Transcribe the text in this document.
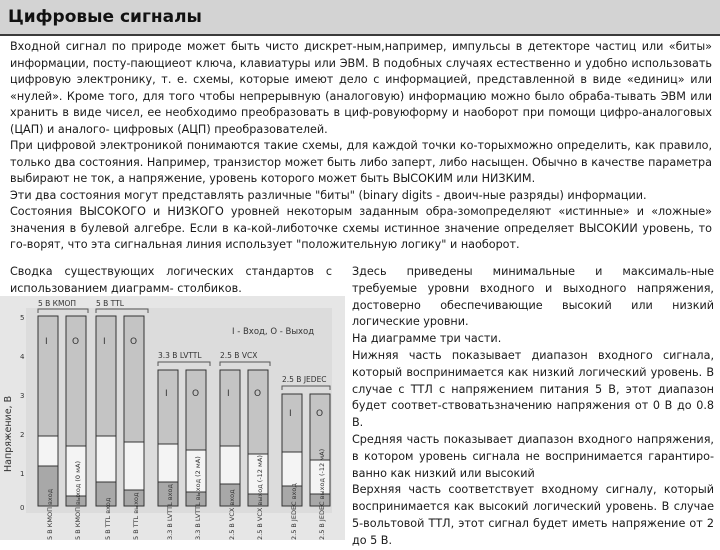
Цифровые сигналы

Входной сигнал по природе может быть чисто дискрет-ным,например, импульсы в детекторе частиц или «биты» информации, посту-пающиеот ключа, клавиатуры или ЭВМ. В подобных случаях естественно и удобно использовать цифровую электронику, т. е. схемы, которые имеют дело с информацией, представленной в виде «единиц» или «нулей». Кроме того, для того чтобы непрерывную (аналоговую) информацию можно было обраба-тывать ЭВМ или хранить в виде чисел, ее необходимо преобразовать в циф-ровуюформу и наоборот при помощи цифро-аналоговых (ЦАП) и аналого- цифровых (АЦП) преобразователей.

При цифровой электроникой понимаются такие схемы, для каждой точки ко-торыхможно определить, как правило, только два состояния. Например, транзистор может быть либо заперт, либо насыщен. Обычно в качестве параметра выбирают не ток, а напряжение, уровень которого может быть ВЫСОКИМ или НИЗКИМ.

Эти два состояния могут представлять различные "биты" (binary digits - двоич-ные разряды) информации.

Состояния ВЫСОКОГО и НИЗКОГО уровней некоторым заданным обра-зомопределяют «истинные» и «ложные» значения в булевой алгебре. Если в ка-кой-либоточке схемы истинное значение определяет ВЫСОКИИ уровень, то го-ворят, что эта сигнальная линия использует "положительную логику" и наоборот.

Сводка существующих логических стандартов с использованием диаграмм- столбиков.

Здесь приведены минимальные и максималь-ные требуемые уровни входного и выходного напряжения, достоверно обеспечивающие высокий или низкий логические уровни.

На диаграмме три части.

Нижняя часть показывает диапазон входного сигнала, который воспринимается как низкий логический уровень. В случае с ТТЛ с напряжением питания 5 В, этот диапазон будет соответ-ствоватьзначению напряжения от 0 В до 0.8 В.

Средняя часть показывает диапазон входного напряжения, в котором уровень сигнала не воспринимается гарантиро-ванно как низкий или высокий

Верхняя часть соответствует входному сигналу, который воспринимается как высокий логический уровень. В случае 5-вольтовой ТТЛ, этот сигнал будет иметь напряжение от 2 до 5 В.

Напряжение, В
5
4
3
2
1
0
I - Вход, O - Выход
5 В КМОП	5 В TTL
3.3 В LVTTL 2.5 В VCX
2.5 В JEDEC
I	O	I	O
I	O	I	O
I	O
5 В КМОП вход	5 В КМОП выход (0 мА)	5 В TTL вход	5 В TTL выход	3.3 В LVTTL вход	3.3 В LVTTL выход (2 мА)	2.5 В VCX вход	2.5 В VCX выход (-12 мА)	2.5 В JEDEC вход	2.5 В JEDEC выход (-12 мА)
